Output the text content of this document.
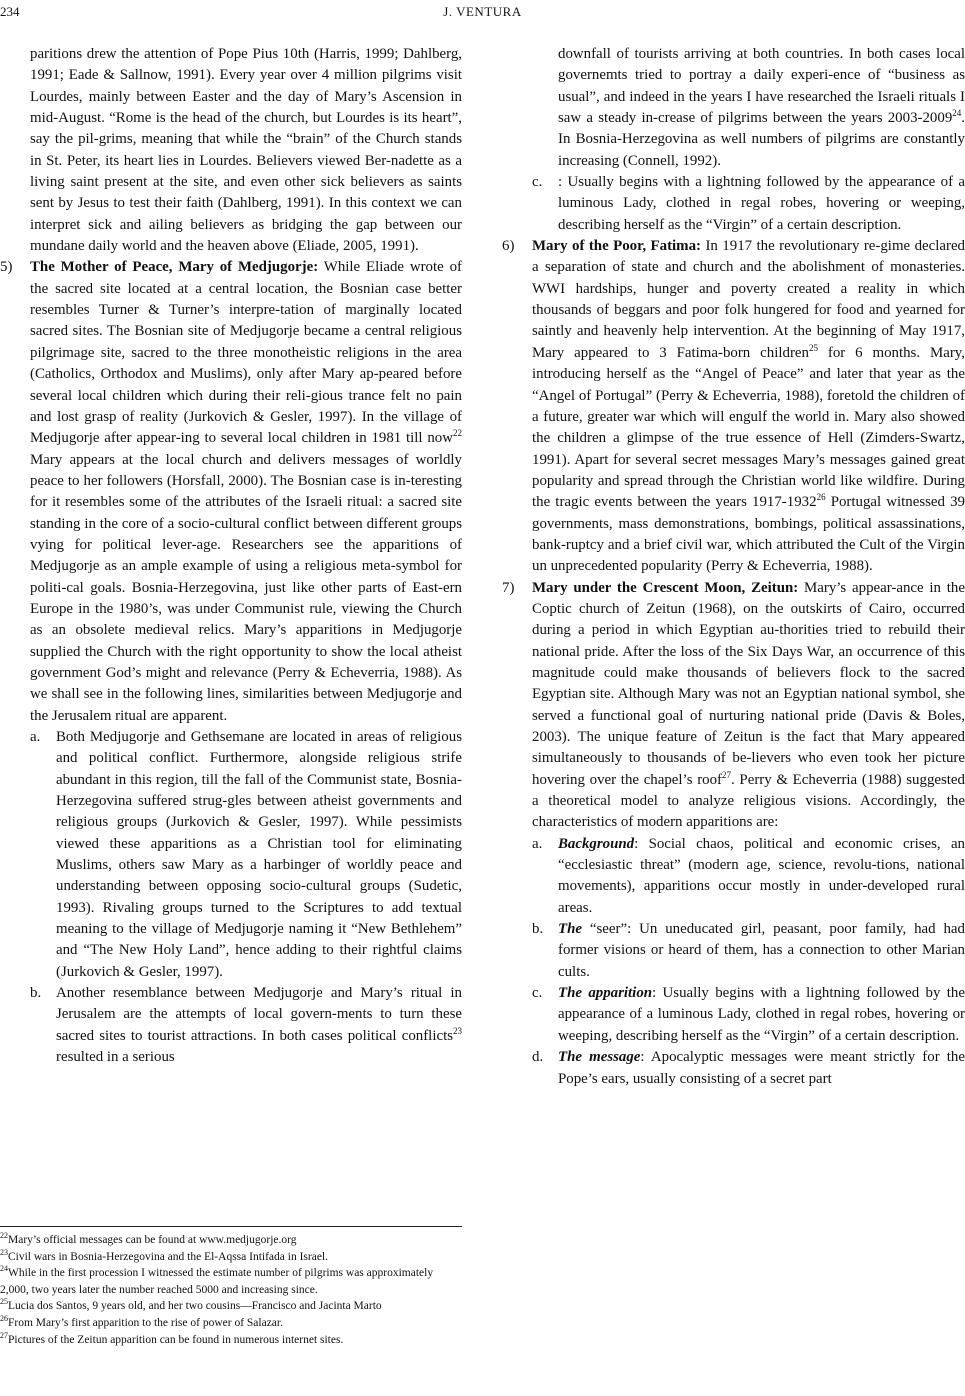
234	J. VENTURA

paritions drew the attention of Pope Pius 10th (Harris, 1999; Dahlberg, 1991; Eade & Sallnow, 1991). Every year over 4 million pilgrims visit Lourdes, mainly between Easter and the day of Mary’s Ascension in mid-August. “Rome is the head of the church, but Lourdes is its heart”, say the pil-grims, meaning that while the “brain” of the Church stands in St. Peter, its heart lies in Lourdes. Believers viewed Ber-nadette as a living saint present at the site, and even other sick believers as saints sent by Jesus to test their faith (Dahlberg, 1991). In this context we can interpret sick and ailing believers as bridging the gap between our mundane daily world and the heaven above (Eliade, 2005, 1991).

5) The Mother of Peace, Mary of Medjugorje: While Eliade wrote of the sacred site located at a central location, the Bosnian case better resembles Turner & Turner’s interpre-tation of marginally located sacred sites. The Bosnian site of Medjugorje became a central religious pilgrimage site, sacred to the three monotheistic religions in the area (Catholics, Orthodox and Muslims), only after Mary ap-peared before several local children which during their reli-gious trance felt no pain and lost grasp of reality (Jurkovich & Gesler, 1997). In the village of Medjugorje after appear-ing to several local children in 1981 till now$^{22}$ Mary appears at the local church and delivers messages of worldly peace to her followers (Horsfall, 2000). The Bosnian case is in-teresting for it resembles some of the attributes of the Israeli ritual: a sacred site standing in the core of a socio-cultural conflict between different groups vying for political lever-age. Researchers see the apparitions of Medjugorje as an ample example of using a religious meta-symbol for politi-cal goals. Bosnia-Herzegovina, just like other parts of East-ern Europe in the 1980’s, was under Communist rule, viewing the Church as an obsolete medieval relics. Mary’s apparitions in Medjugorje supplied the Church with the right opportunity to show the local atheist government God’s might and relevance (Perry & Echeverria, 1988). As we shall see in the following lines, similarities between Medjugorje and the Jerusalem ritual are apparent.

a. Both Medjugorje and Gethsemane are located in areas of religious and political conflict. Furthermore, alongside religious strife abundant in this region, till the fall of the Communist state, Bosnia-Herzegovina suffered strug-gles between atheist governments and religious groups (Jurkovich & Gesler, 1997). While pessimists viewed these apparitions as a Christian tool for eliminating Muslims, others saw Mary as a harbinger of worldly peace and understanding between opposing socio-cultural groups (Sudetic, 1993). Rivaling groups turned to the Scriptures to add textual meaning to the village of Medjugorje naming it “New Bethlehem” and “The New Holy Land”, hence adding to their rightful claims (Jurkovich & Gesler, 1997).

b. Another resemblance between Medjugorje and Mary’s ritual in Jerusalem are the attempts of local govern-ments to turn these sacred sites to tourist attractions. In both cases political conflicts$^{23}$ resulted in a serious

$^{22}$Mary’s official messages can be found at www.medjugorje.org

$^{23}$Civil wars in Bosnia-Herzegovina and the El-Aqssa Intifada in Israel.

$^{24}$While in the first procession I witnessed the estimate number of pilgrims was approximately 2,000, two years later the number reached 5000 and increasing since.

$^{25}$Lucia dos Santos, 9 years old, and her two cousins—Francisco and Jacinta Marto

$^{26}$From Mary’s first apparition to the rise of power of Salazar.

$^{27}$Pictures of the Zeitun apparition can be found in numerous internet sites.

downfall of tourists arriving at both countries. In both cases local governemts tried to portray a daily experi-ence of “business as usual”, and indeed in the years I have researched the Israeli rituals I saw a steady in-crease of pilgrims between the years 2003-2009$^{24}$. In Bosnia-Herzegovina as well numbers of pilgrims are constantly increasing (Connell, 1992).

c. : Usually begins with a lightning followed by the appearance of a luminous Lady, clothed in regal robes, hovering or weeping, describing herself as the “Virgin” of a certain description.

6) Mary of the Poor, Fatima: In 1917 the revolutionary re-gime declared a separation of state and church and the abolishment of monasteries. WWI hardships, hunger and poverty created a reality in which thousands of beggars and poor folk hungered for food and yearned for saintly and heavenly help intervention. At the beginning of May 1917, Mary appeared to 3 Fatima-born children$^{25}$ for 6 months. Mary, introducing herself as the “Angel of Peace” and later that year as the “Angel of Portugal” (Perry & Echeverria, 1988), foretold the children of a future, greater war which will engulf the world in. Mary also showed the children a glimpse of the true essence of Hell (Zimders-Swartz, 1991). Apart for several secret messages Mary’s messages gained great popularity and spread through the Christian world like wildfire. During the tragic events between the years 1917-1932$^{26}$ Portugal witnessed 39 governments, mass demonstrations, bombings, political assassinations, bank-ruptcy and a brief civil war, which attributed the Cult of the Virgin un unprecedented popularity (Perry & Echeverria, 1988).

7) Mary under the Crescent Moon, Zeitun: Mary’s appear-ance in the Coptic church of Zeitun (1968), on the outskirts of Cairo, occurred during a period in which Egyptian au-thorities tried to rebuild their national pride. After the loss of the Six Days War, an occurrence of this magnitude could make thousands of believers flock to the sacred Egyptian site. Although Mary was not an Egyptian national symbol, she served a functional goal of nurturing national pride (Davis & Boles, 2003). The unique feature of Zeitun is the fact that Mary appeared simultaneously to thousands of be-lievers who even took her picture hovering over the chapel’s roof$^{27}$. Perry & Echeverria (1988) suggested a theoretical model to analyze religious visions. Accordingly, the characteristics of modern apparitions are:

a. Background: Social chaos, political and economic crises, an “ecclesiastic threat” (modern age, science, revolu-tions, national movements), apparitions occur mostly in under-developed rural areas.

b. The “seer”: Un uneducated girl, peasant, poor family, had had former visions or heard of them, has a connection to other Marian cults.

c. The apparition: Usually begins with a lightning followed by the appearance of a luminous Lady, clothed in regal robes, hovering or weeping, describing herself as the “Virgin” of a certain description.

d. The message: Apocalyptic messages were meant strictly for the Pope’s ears, usually consisting of a secret part
